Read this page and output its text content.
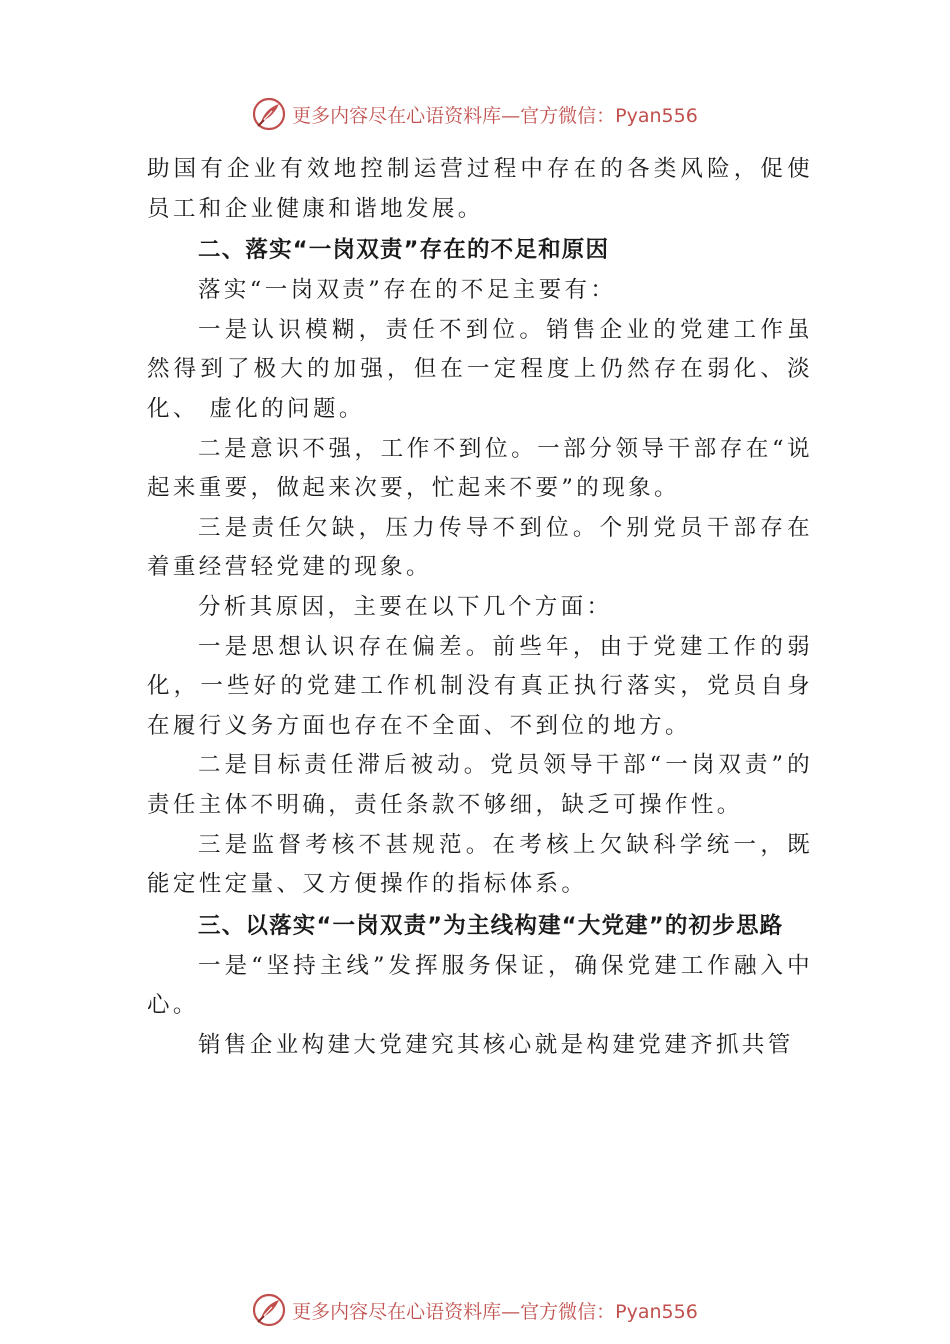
更多内容尽在心语资料库—官方微信：Pyan556

助国有企业有效地控制运营过程中存在的各类风险，促使员工和企业健康和谐地发展。

二、落实“一岗双责”存在的不足和原因

落实“一岗双责”存在的不足主要有：

一是认识模糊，责任不到位。销售企业的党建工作虽然得到了极大的加强，但在一定程度上仍然存在弱化、淡化、 虚化的问题。

二是意识不强，工作不到位。一部分领导干部存在“说起来重要，做起来次要，忙起来不要”的现象。

三是责任欠缺，压力传导不到位。个别党员干部存在着重经营轻党建的现象。

分析其原因，主要在以下几个方面：

一是思想认识存在偏差。前些年，由于党建工作的弱化，一些好的党建工作机制没有真正执行落实，党员自身在履行义务方面也存在不全面、不到位的地方。

二是目标责任滞后被动。党员领导干部“一岗双责”的责任主体不明确，责任条款不够细，缺乏可操作性。

三是监督考核不甚规范。在考核上欠缺科学统一，既能定性定量、又方便操作的指标体系。

三、以落实“一岗双责”为主线构建“大党建”的初步思路

一是“坚持主线”发挥服务保证，确保党建工作融入中心。

销售企业构建大党建究其核心就是构建党建齐抓共管

更多内容尽在心语资料库—官方微信：Pyan556
